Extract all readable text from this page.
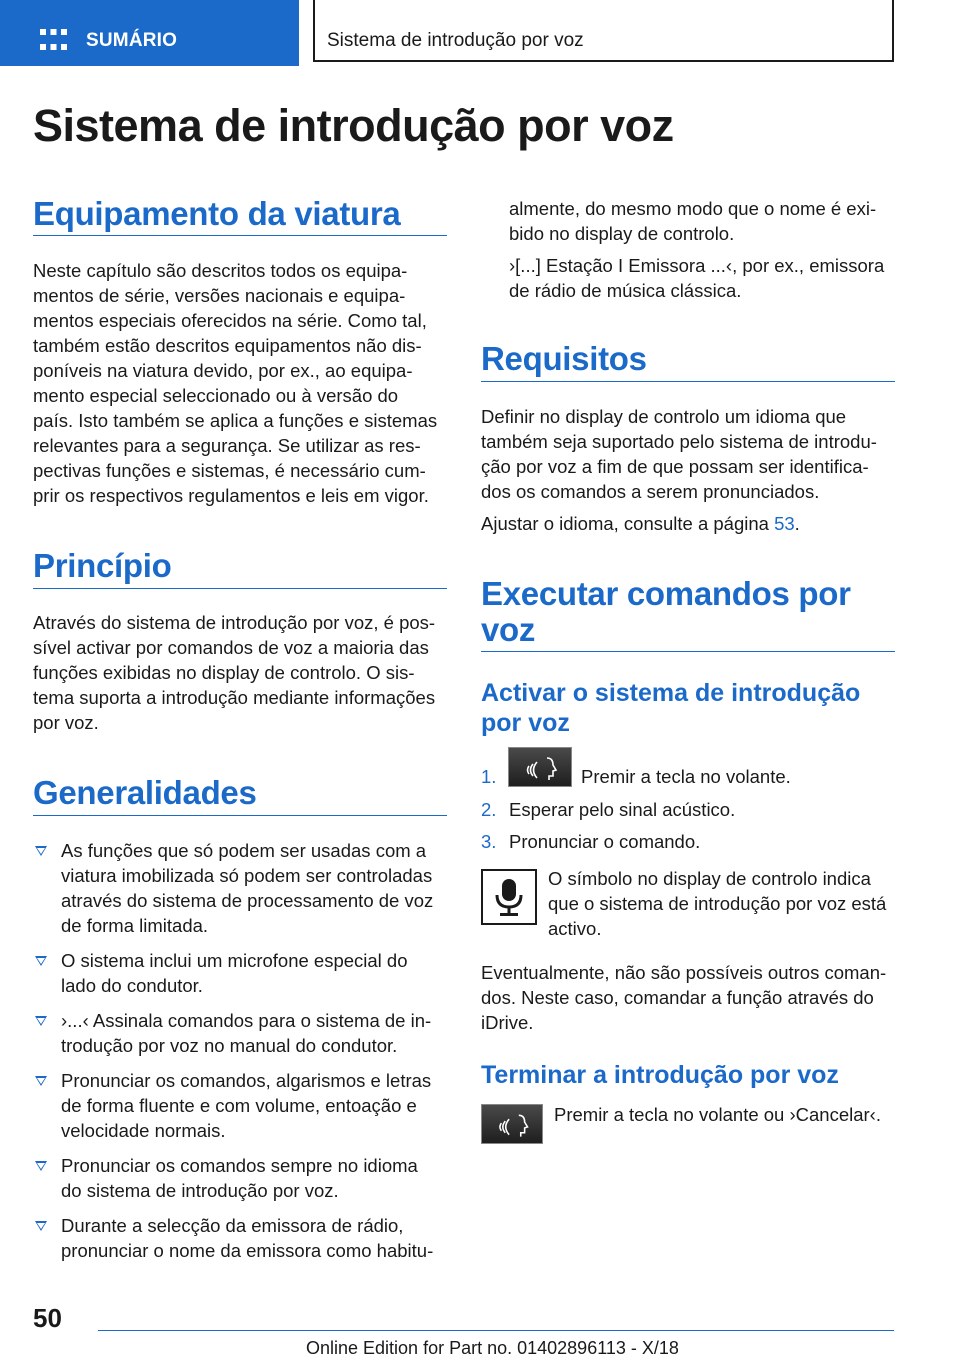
SUMÁRIO	Sistema de introdução por voz
Sistema de introdução por voz
Equipamento da viatura
Neste capítulo são descritos todos os equipa-
mentos de série, versões nacionais e equipa-
mentos especiais oferecidos na série. Como tal,
também estão descritos equipamentos não dis-
poníveis na viatura devido, por ex., ao equipa-
mento especial seleccionado ou à versão do
país. Isto também se aplica a funções e sistemas
relevantes para a segurança. Se utilizar as res-
pectivas funções e sistemas, é necessário cum-
prir os respectivos regulamentos e leis em vigor.
Princípio
Através do sistema de introdução por voz, é pos-
sível activar por comandos de voz a maioria das
funções exibidas no display de controlo. O sis-
tema suporta a introdução mediante informações
por voz.
Generalidades
As funções que só podem ser usadas com a
viatura imobilizada só podem ser controladas
através do sistema de processamento de voz
de forma limitada.
O sistema inclui um microfone especial do
lado do condutor.
›...‹ Assinala comandos para o sistema de in-
trodução por voz no manual do condutor.
Pronunciar os comandos, algarismos e letras
de forma fluente e com volume, entoação e
velocidade normais.
Pronunciar os comandos sempre no idioma
do sistema de introdução por voz.
Durante a selecção da emissora de rádio,
pronunciar o nome da emissora como habitu-
almente, do mesmo modo que o nome é exi-
bido no display de controlo.
›[...] Estação I Emissora ...‹, por ex., emissora
de rádio de música clássica.
Requisitos
Definir no display de controlo um idioma que
também seja suportado pelo sistema de introdu-
ção por voz a fim de que possam ser identifica-
dos os comandos a serem pronunciados.
Ajustar o idioma, consulte a página 53.
Executar comandos por
voz
Activar o sistema de introdução
por voz
1.	Premir a tecla no volante.
2. Esperar pelo sinal acústico.
3. Pronunciar o comando.
O símbolo no display de controlo indica
que o sistema de introdução por voz está
activo.
Eventualmente, não são possíveis outros coman-
dos. Neste caso, comandar a função através do
iDrive.
Terminar a introdução por voz
Premir a tecla no volante ou ›Cancelar‹.
50
Online Edition for Part no. 01402896113 - X/18
